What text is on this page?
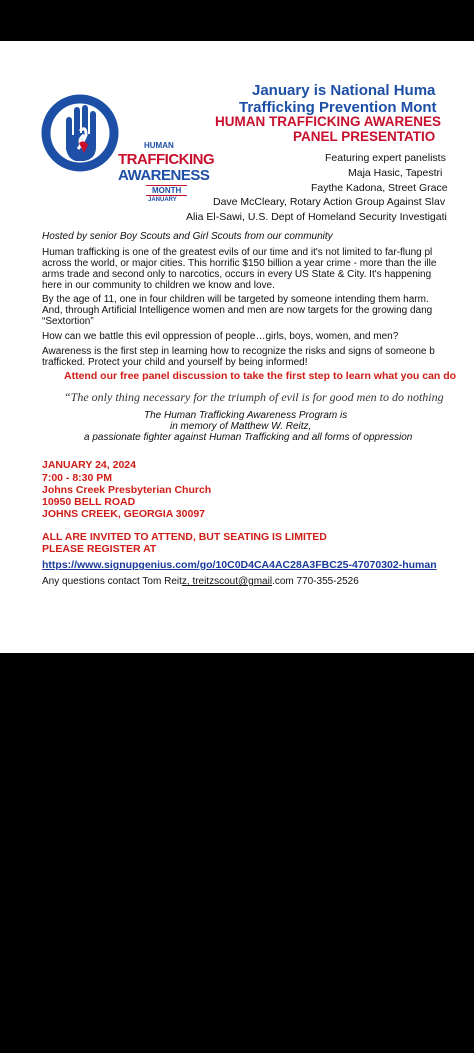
HUMAN
TRAFFICKING
AWARENESS
MONTH
JANUARY
January is National Huma
Trafficking Prevention Mont
HUMAN TRAFFICKING AWARENES
PANEL PRESENTATIO
Featuring expert panelists
Maja Hasic, Tapestri
Faythe Kadona, Street Grace
Dave McCleary, Rotary Action Group Against Slav
Alia El-Sawi, U.S. Dept of Homeland Security Investigati
Hosted by senior Boy Scouts and Girl Scouts from our community
Human trafficking is one of the greatest evils of our time and it's not limited to far-flung pl
across the world, or major cities. This horrific $150 billion a year crime - more than the ille
arms trade and second only to narcotics, occurs in every US State & City. It's happening
here in our community to children we know and love.
By the age of 11, one in four children will be targeted by someone intending them harm.
And, through Artificial Intelligence women and men are now targets for the growing dang
“Sextortion”
How can we battle this evil oppression of people…girls, boys, women, and men?
Awareness is the first step in learning how to recognize the risks and signs of someone b
trafficked. Protect your child and yourself by being informed!
Attend our free panel discussion to take the first step to learn what you can do
“The only thing necessary for the triumph of evil is for good men to do nothing
The Human Trafficking Awareness Program is
in memory of Matthew W. Reitz,
a passionate fighter against Human Trafficking and all forms of oppression
JANUARY 24, 2024
7:00 - 8:30 PM
Johns Creek Presbyterian Church
10950 BELL ROAD
JOHNS CREEK, GEORGIA 30097
ALL ARE INVITED TO ATTEND, BUT SEATING IS LIMITED
PLEASE REGISTER AT
https://www.signupgenius.com/go/10C0D4CA4AC28A3FBC25-47070302-human
Any questions contact Tom Reitz, treitzscout@gmail.com 770-355-2526
